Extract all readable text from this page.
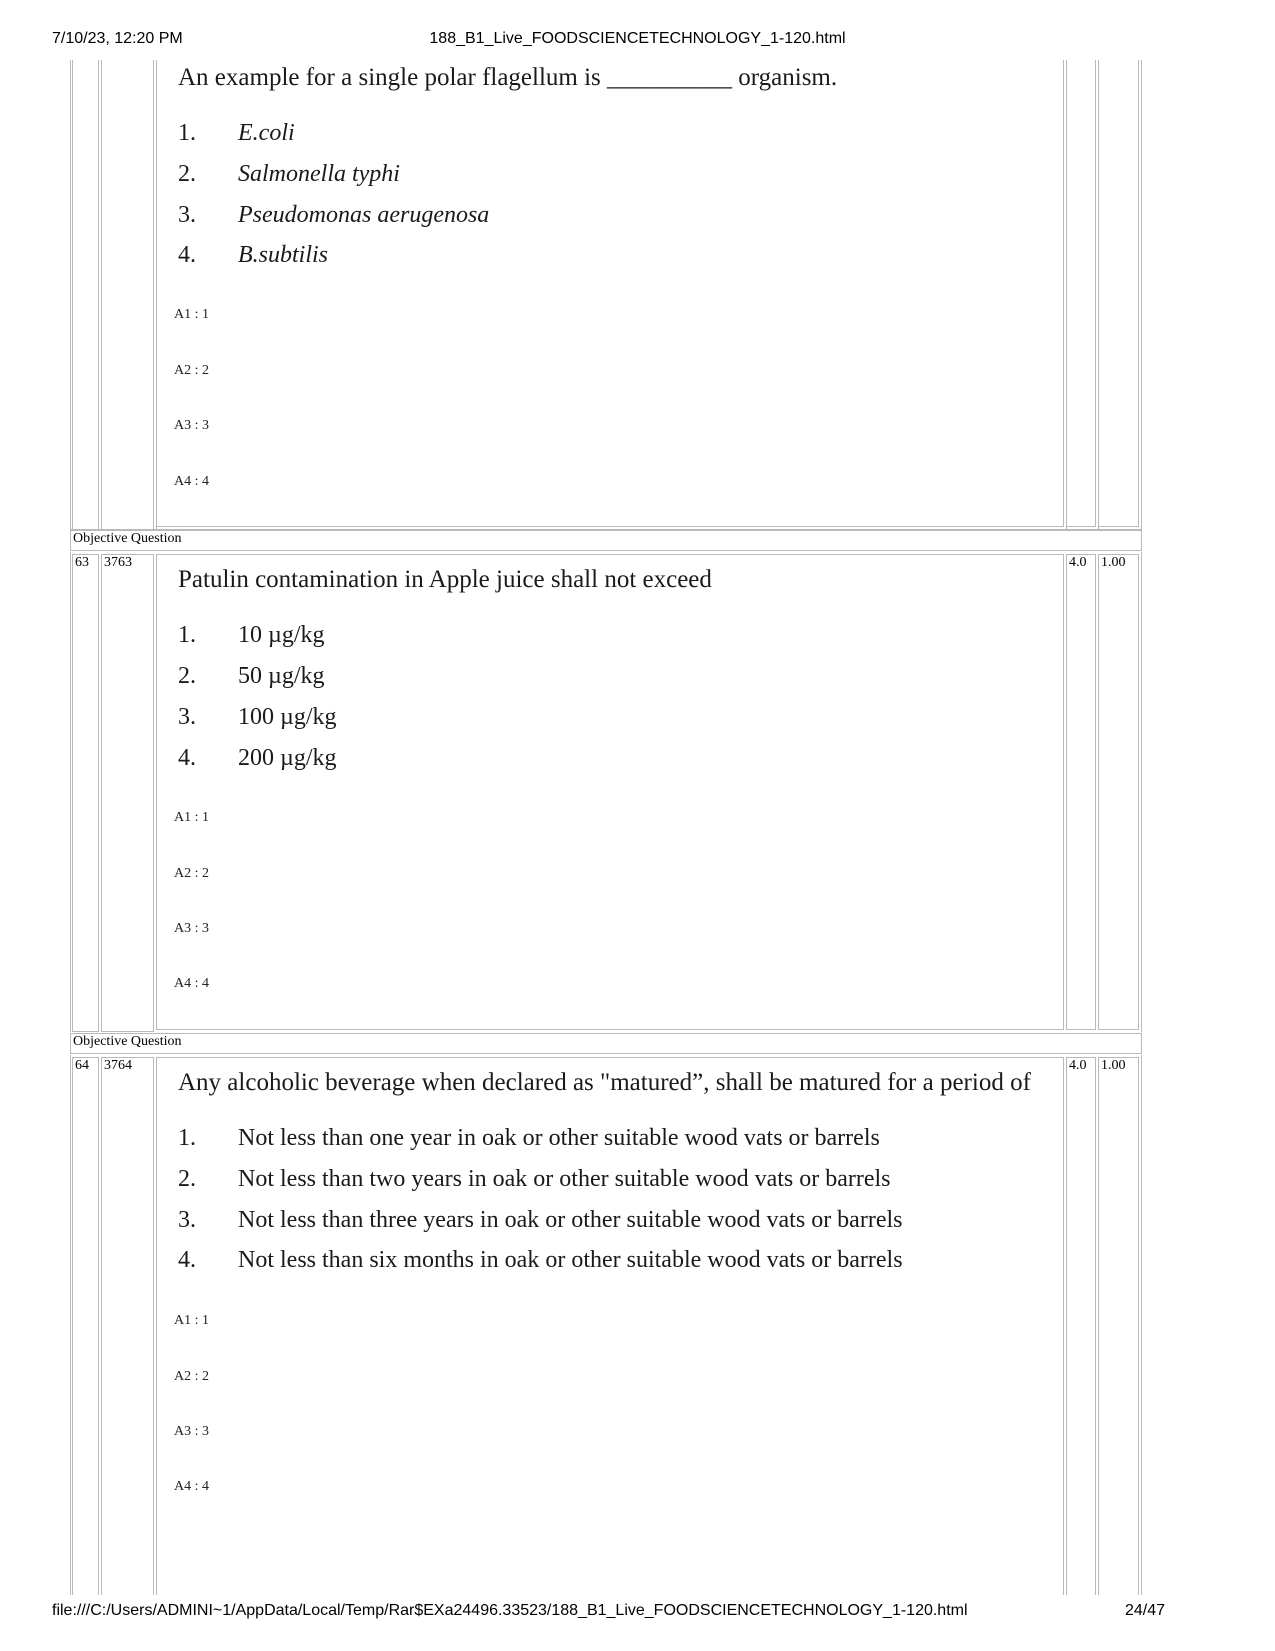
7/10/23, 12:20 PM	188_B1_Live_FOODSCIENCETECHNOLOGY_1-120.html
An example for a single polar flagellum is __________ organism.
1. E.coli
2. Salmonella typhi
3. Pseudomonas aerugenosa
4. B.subtilis
A1 : 1
A2 : 2
A3 : 3
A4 : 4
Objective Question
63 3763	4.0 1.00
Patulin contamination in Apple juice shall not exceed
1. 10 µg/kg
2. 50 µg/kg
3. 100 µg/kg
4. 200 µg/kg
A1 : 1
A2 : 2
A3 : 3
A4 : 4
Objective Question
64 3764	4.0 1.00
Any alcoholic beverage when declared as "matured”, shall be matured for a period of
1. Not less than one year in oak or other suitable wood vats or barrels
2. Not less than two years in oak or other suitable wood vats or barrels
3. Not less than three years in oak or other suitable wood vats or barrels
4. Not less than six months in oak or other suitable wood vats or barrels
A1 : 1
A2 : 2
A3 : 3
A4 : 4
file:///C:/Users/ADMINI~1/AppData/Local/Temp/Rar$EXa24496.33523/188_B1_Live_FOODSCIENCETECHNOLOGY_1-120.html	24/47
